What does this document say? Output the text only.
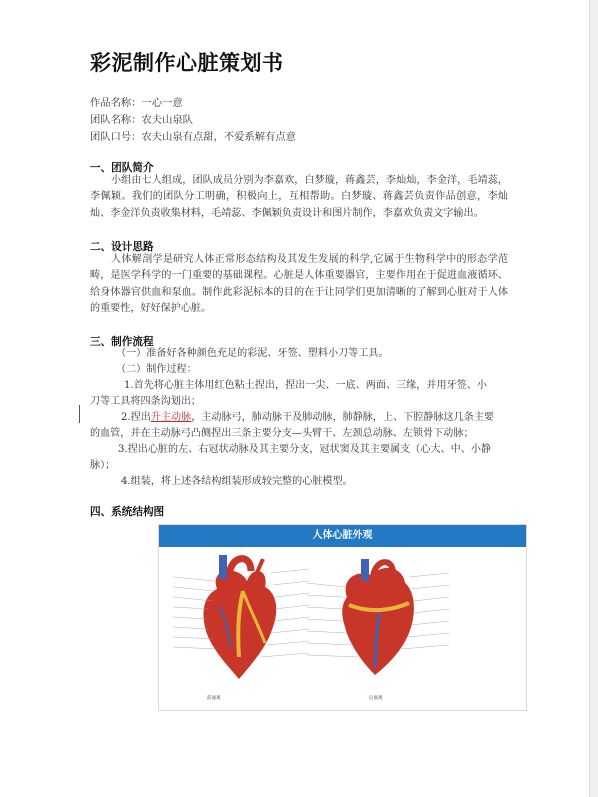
彩泥制作心脏策划书
作品名称：一心一意
团队名称：农夫山泉队
团队口号：农夫山泉有点甜，不爱系解有点意
一、团队简介
小组由七人组成，团队成员分别为李嘉欢，白梦璇，蒋鑫芸，李灿灿，李金洋，毛靖蕊，李佩颖。我们的团队分工明确，积极向上，互相帮助。白梦璇、蒋鑫芸负责作品创意，李灿灿、李金洋负责收集材料，毛靖蕊、李佩颖负责设计和图片制作，李嘉欢负责文字输出。
二、设计思路
人体解剖学是研究人体正常形态结构及其发生发展的科学,它属于生物科学中的形态学范畴，是医学科学的一门重要的基础课程。心脏是人体重要器官，主要作用在于促进血液循环、给身体器官供血和泵血。制作此彩泥标本的目的在于让同学们更加清晰的了解到心脏对于人体的重要性，好好保护心脏。
三、制作流程
（一）准备好各种颜色充足的彩泥、牙签、塑料小刀等工具。
（二）制作过程：
1.首先将心脏主体用红色粘土捏出，捏出一尖、一底、两面、三缘，并用牙签、小
刀等工具将四条沟划出；
2.捏出升主动脉，主动脉弓，肺动脉干及肺动脉，肺静脉，上、下腔静脉这几条主要
的血管，并在主动脉弓凸侧捏出三条主要分支—头臂干、左颈总动脉、左锁骨下动脉；
3.捏出心脏的左、右冠状动脉及其主要分支，冠状窦及其主要属支（心大、中、小静
脉）；
4.组装，将上述各结构组装形成较完整的心脏模型。
四、系统结构图
人体心脏外观
前面观	后面观
